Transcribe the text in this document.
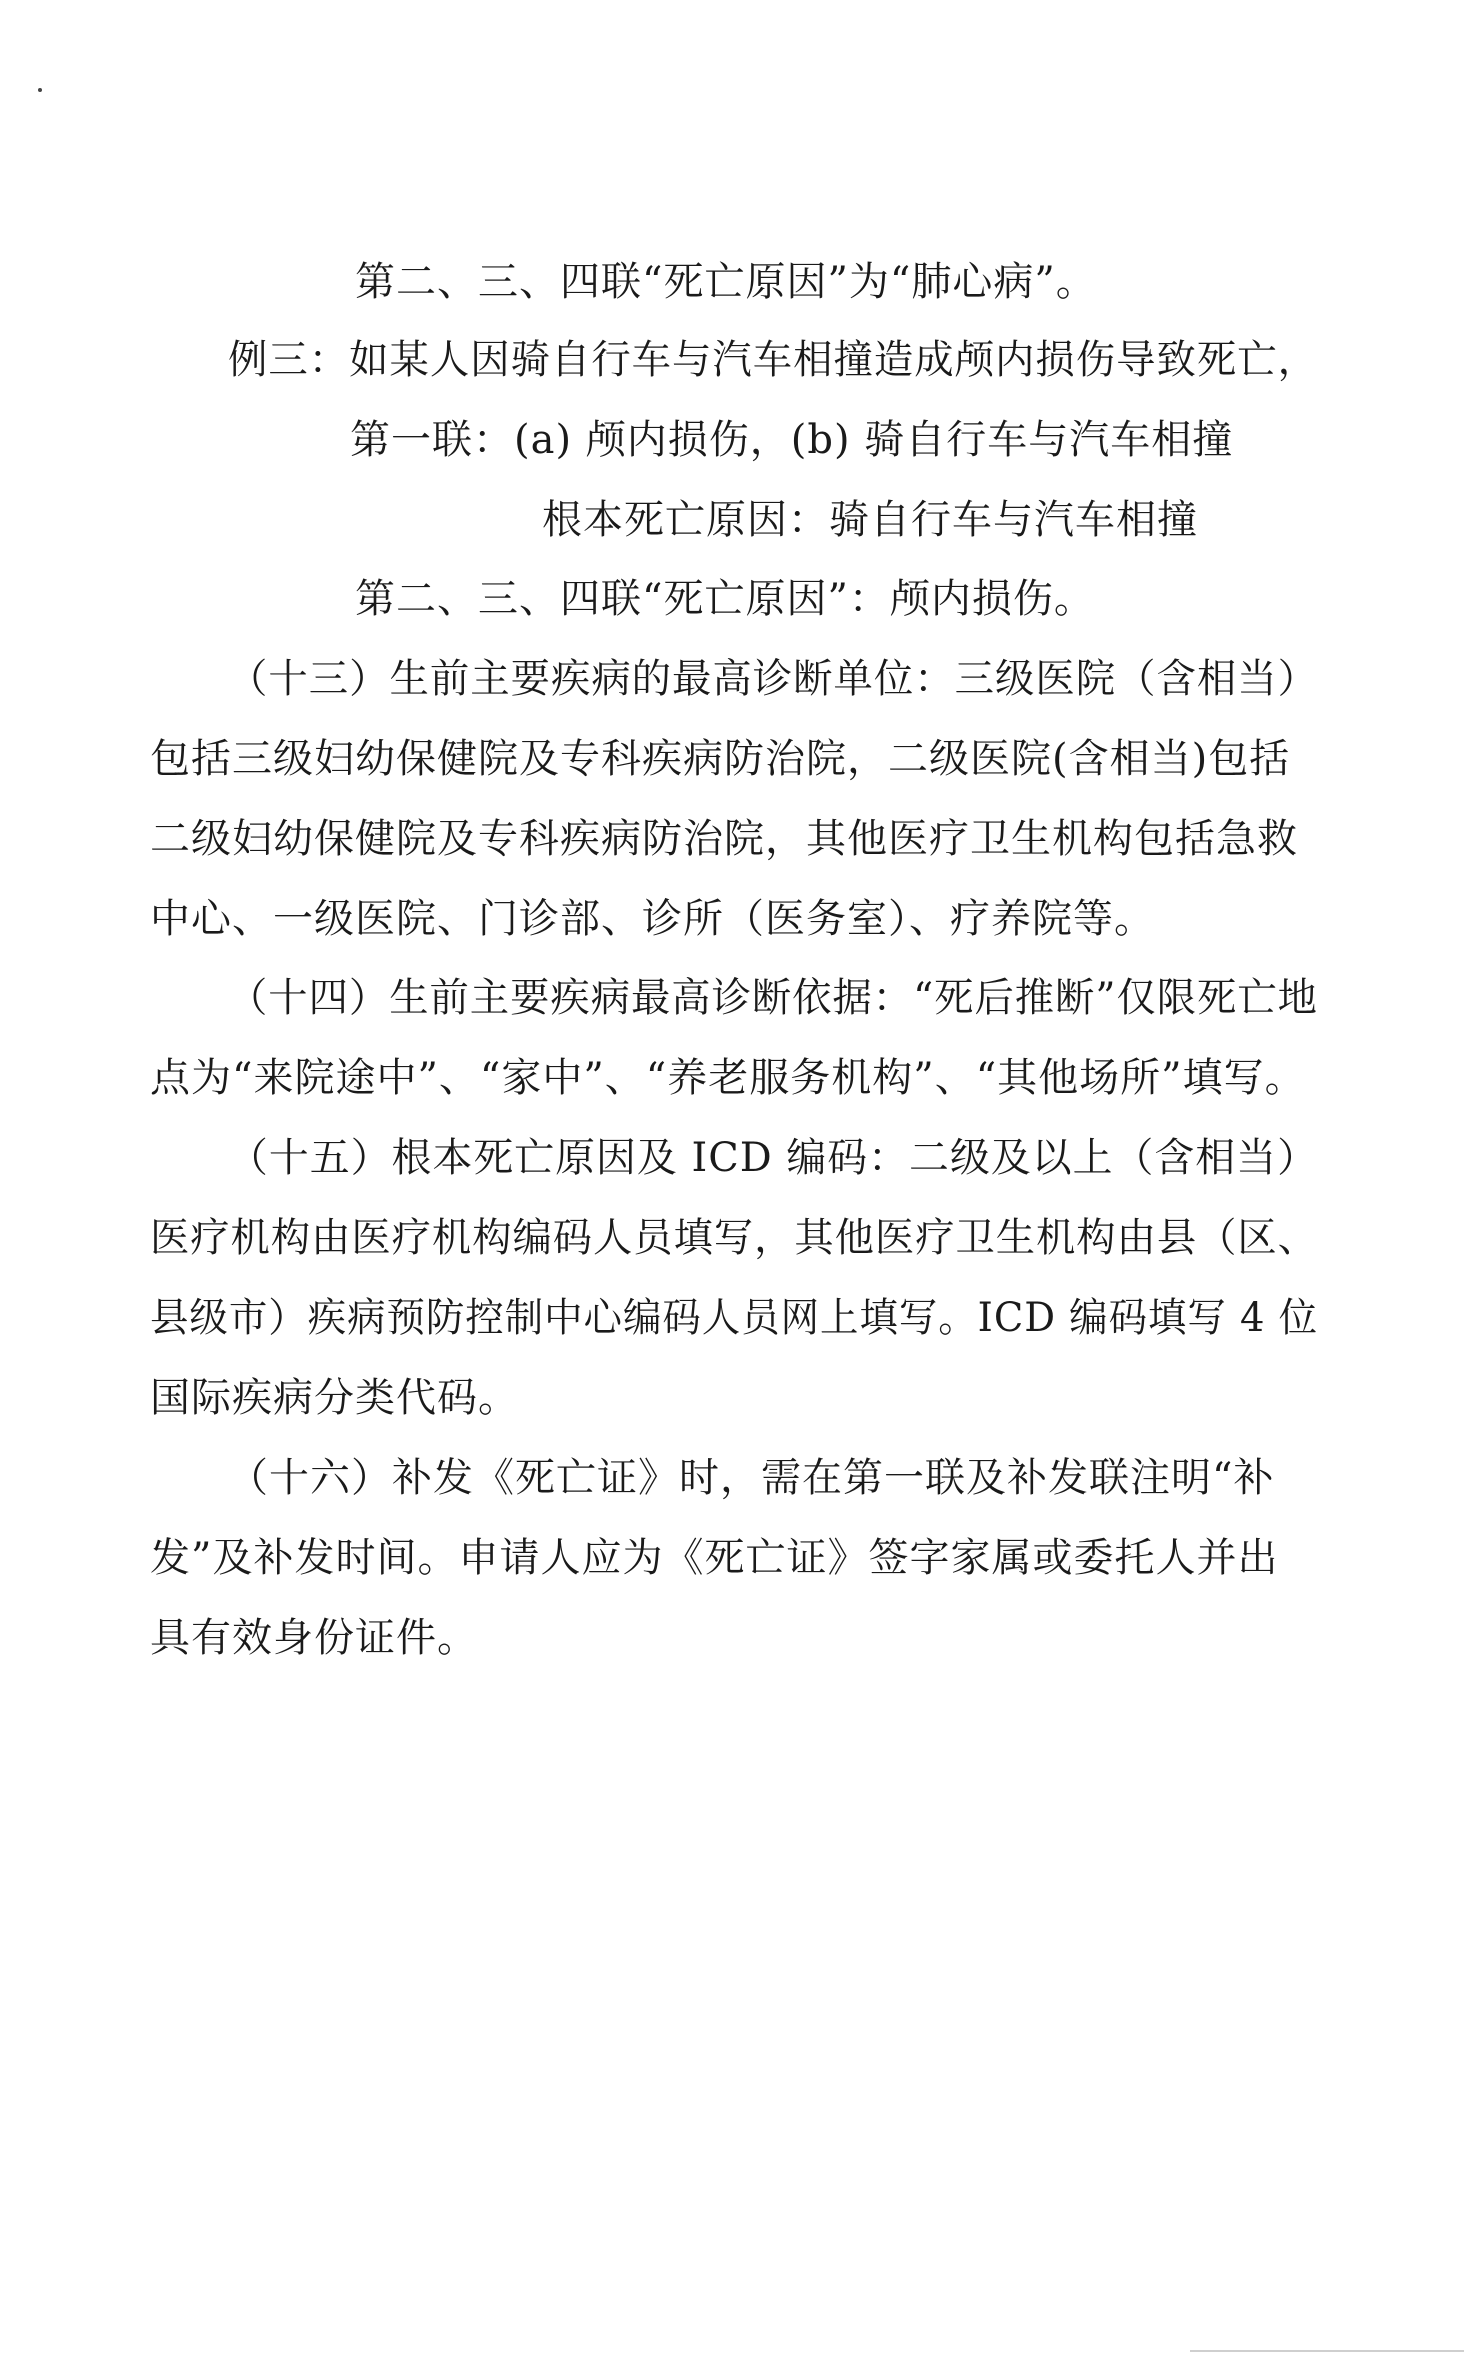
第二、三、四联“死亡原因”为“肺心病”。
例三：如某人因骑自行车与汽车相撞造成颅内损伤导致死亡，
第一联：(a) 颅内损伤，(b) 骑自行车与汽车相撞
根本死亡原因：骑自行车与汽车相撞
第二、三、四联“死亡原因”：颅内损伤。
（十三）生前主要疾病的最高诊断单位：三级医院（含相当）
包括三级妇幼保健院及专科疾病防治院，二级医院(含相当)包括
二级妇幼保健院及专科疾病防治院，其他医疗卫生机构包括急救
中心、一级医院、门诊部、诊所（医务室）、疗养院等。
（十四）生前主要疾病最高诊断依据：“死后推断”仅限死亡地
点为“来院途中”、“家中”、“养老服务机构”、“其他场所”填写。
（十五）根本死亡原因及 ICD 编码：二级及以上（含相当）
医疗机构由医疗机构编码人员填写，其他医疗卫生机构由县（区、
县级市）疾病预防控制中心编码人员网上填写。ICD 编码填写 4 位
国际疾病分类代码。
（十六）补发《死亡证》时，需在第一联及补发联注明“补
发”及补发时间。申请人应为《死亡证》签字家属或委托人并出
具有效身份证件。
